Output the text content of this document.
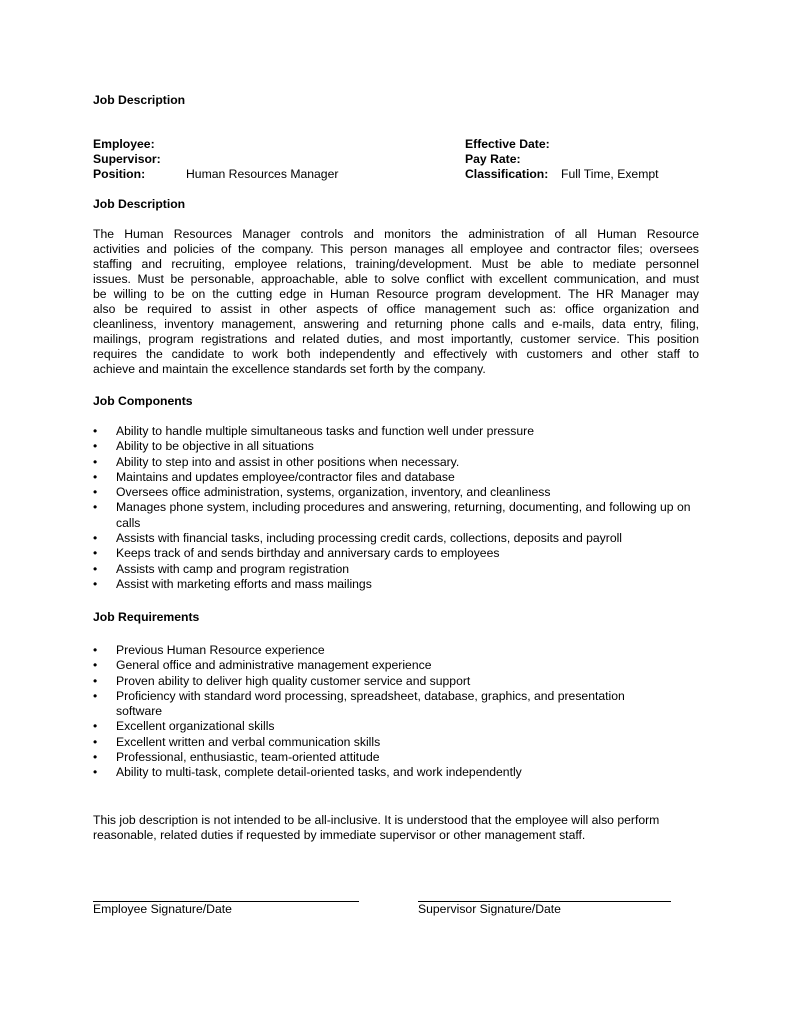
Job Description
Employee:
Supervisor:
Position:	Human Resources Manager
Effective Date:
Pay Rate:
Classification: Full Time, Exempt
Job Description
The Human Resources Manager controls and monitors the administration of all Human Resource
activities and policies of the company. This person manages all employee and contractor files; oversees
staffing and recruiting, employee relations, training/development. Must be able to mediate personnel
issues. Must be personable, approachable, able to solve conflict with excellent communication, and must
be willing to be on the cutting edge in Human Resource program development. The HR Manager may
also be required to assist in other aspects of office management such as: office organization and
cleanliness, inventory management, answering and returning phone calls and e-mails, data entry, filing,
mailings, program registrations and related duties, and most importantly, customer service. This position
requires the candidate to work both independently and effectively with customers and other staff to
achieve and maintain the excellence standards set forth by the company.
Job Components
• Ability to handle multiple simultaneous tasks and function well under pressure
• Ability to be objective in all situations
• Ability to step into and assist in other positions when necessary.
• Maintains and updates employee/contractor files and database
• Oversees office administration, systems, organization, inventory, and cleanliness
• Manages phone system, including procedures and answering, returning, documenting, and following up on calls
• Assists with financial tasks, including processing credit cards, collections, deposits and payroll
• Keeps track of and sends birthday and anniversary cards to employees
• Assists with camp and program registration
• Assist with marketing efforts and mass mailings
Job Requirements
• Previous Human Resource experience
• General office and administrative management experience
• Proven ability to deliver high quality customer service and support
• Proficiency with standard word processing, spreadsheet, database, graphics, and presentation software
• Excellent organizational skills
• Excellent written and verbal communication skills
• Professional, enthusiastic, team-oriented attitude
• Ability to multi-task, complete detail-oriented tasks, and work independently
This job description is not intended to be all-inclusive. It is understood that the employee will also perform
reasonable, related duties if requested by immediate supervisor or other management staff.
Employee Signature/Date	Supervisor Signature/Date
